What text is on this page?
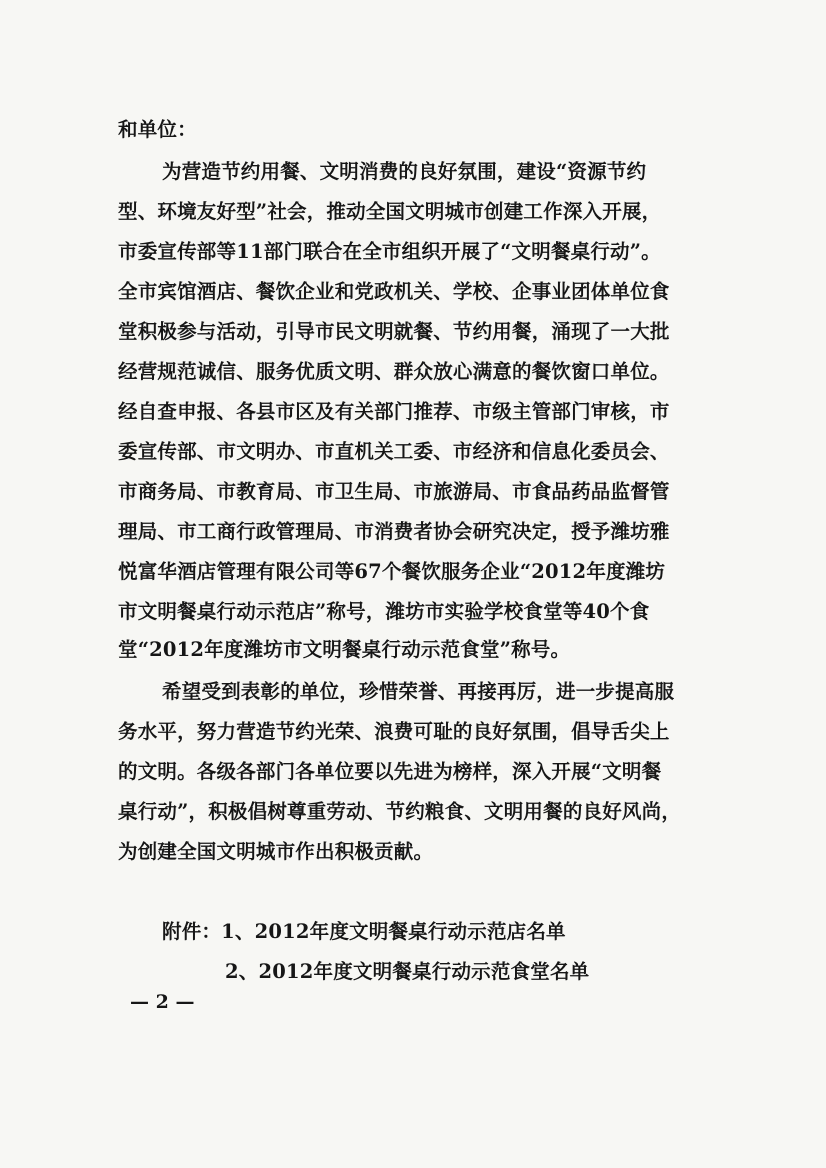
和单位：
为营造节约用餐、文明消费的良好氛围，建设“资源节约
型、环境友好型”社会，推动全国文明城市创建工作深入开展，
市委宣传部等11部门联合在全市组织开展了“文明餐桌行动”。
全市宾馆酒店、餐饮企业和党政机关、学校、企事业团体单位食
堂积极参与活动，引导市民文明就餐、节约用餐，涌现了一大批
经营规范诚信、服务优质文明、群众放心满意的餐饮窗口单位。
经自查申报、各县市区及有关部门推荐、市级主管部门审核，市
委宣传部、市文明办、市直机关工委、市经济和信息化委员会、
市商务局、市教育局、市卫生局、市旅游局、市食品药品监督管
理局、市工商行政管理局、市消费者协会研究决定，授予潍坊雅
悦富华酒店管理有限公司等67个餐饮服务企业“2012年度潍坊
市文明餐桌行动示范店”称号，潍坊市实验学校食堂等40个食
堂“2012年度潍坊市文明餐桌行动示范食堂”称号。
希望受到表彰的单位，珍惜荣誉、再接再厉，进一步提高服
务水平，努力营造节约光荣、浪费可耻的良好氛围，倡导舌尖上
的文明。各级各部门各单位要以先进为榜样，深入开展“文明餐
桌行动”，积极倡树尊重劳动、节约粮食、文明用餐的良好风尚，
为创建全国文明城市作出积极贡献。
附件：1、2012年度文明餐桌行动示范店名单
2、2012年度文明餐桌行动示范食堂名单
— 2 —
